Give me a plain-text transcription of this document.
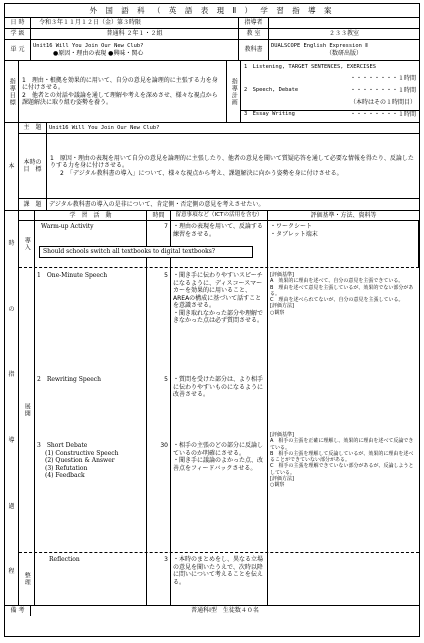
外 国 語 科 （ 英 語 表 現 Ⅱ ） 学 習 指 導 案
日 時	令和３年１１月１２日（金）第３時限	指導者
学 級	普通科 ２年１・２組	教 室	２３３教室
単 元
Unit16 Will You Join Our New Club?
●原因・理由の表現 ●興味・関心	教科書
DUALSCOPE English Expression Ⅱ
（数研出版）
指導目標	1　理由・根拠を効果的に用いて、自分の意見を論理的に主張する力を身に付けさせる。
2　他者との対話や議論を通して理解や考えを深めさせ、様々な視点から課題解決に取り組む姿勢を養う。	指導計画
1　Listening, TARGET SENTENCES, EXERCISES
・・・・・・・・１時間
2　Speech, Debate	・・・・・・・・１時間
（本時はその１時間目）
3　Essay Writing	・・・・・・・・１時間
本
主　題	Unit16 Will You Join Our New Club?
本時の目　標
1　原因・理由の表現を用いて自分の意見を論理的に主張したり、他者の意見を聞いて質疑応答を通して必要な情報を得たり、反論したりする力を身に付けさせる。
2　「デジタル教科書の導入」について、様々な視点から考え、課題解決に向かう姿勢を身に付けさせる。
課　題	デジタル教科書の導入の是非について、肯定側・否定側の意見を考えさせたい。
時
の
指
導
過
程
学　習　活　動	時間	留意事項など（ICTの活用を含む）	評価基準・方法、資料等
導入
Warm-up Activity	7 ・理由の表現を用いて、反論する練習をさせる。
・ワークシート
・タブレット端末
Should schools switch all textbooks to digital textbooks?
展開
1　One-Minute Speech	5 ・聞き手に伝わりやすいスピーチになるように、ディスコースマーカーを効果的に用いること、AREAの構成に基づいて話すことを意識させる。
・聞き取れなかった部分や理解できなかった点は必ず質問させる。

[評価基準]

A　効果的に理由を述べて、自分の意見を主張できている。

B　理由を述べて意見を主張しているが、効果的でない部分がある。

C　理由を述べられてないが、自分の意見を主張している。

[評価方法]

○観察

2　Rewriting Speech	5 ・質問を受けた部分は、より相手に伝わりやすいものになるように改善させる。
3　Short Debate
(1) Constructive Speech
(2) Question & Answer
(3) Refutation
(4) Feedback
30 ・相手の主張のどの部分に反論しているのか明確にさせる。
・聞き手に議論のよかった点、改善点をフィードバックさせる。

[評価基準]

A　相手の主張を正確に理解し、効果的に理由を述べて反論できている。

B　相手の主張を理解して反論しているが、効果的に理由を述べることができていない部分がある。

C　相手の主張を理解できていない部分があるが、反論しようとしている。

[評価方法]

○観察

整理
Reflection	3 ・本時のまとめをし、異なる立場の意見を聞いたうえで、次時以降に問いについて考えることを伝える。
備 考	普通科Ⅰ型　生徒数４０名
